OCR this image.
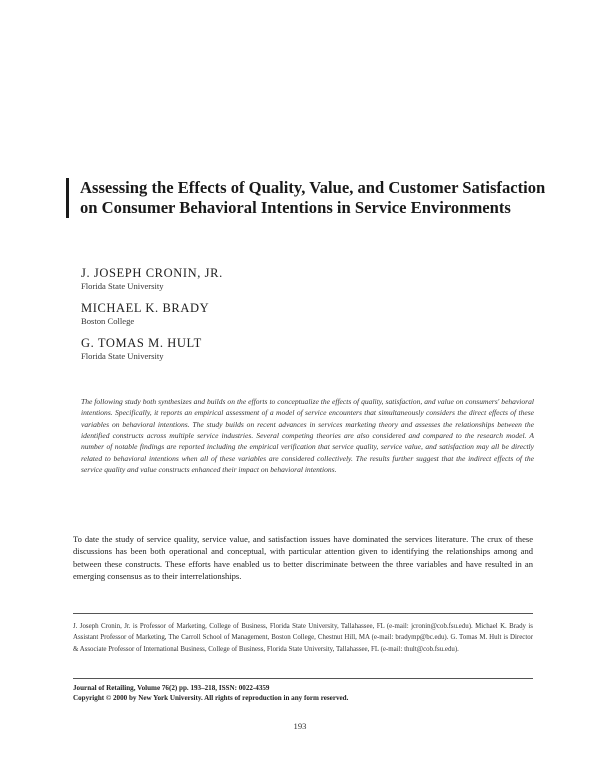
Assessing the Effects of Quality, Value, and Customer Satisfaction on Consumer Behavioral Intentions in Service Environments
J. JOSEPH CRONIN, JR.
Florida State University
MICHAEL K. BRADY
Boston College
G. TOMAS M. HULT
Florida State University

The following study both synthesizes and builds on the efforts to conceptualize the effects of quality, satisfaction, and value on consumers' behavioral intentions. Specifically, it reports an empirical assessment of a model of service encounters that simultaneously considers the direct effects of these variables on behavioral intentions. The study builds on recent advances in services marketing theory and assesses the relationships between the identified constructs across multiple service industries. Several competing theories are also considered and compared to the research model. A number of notable findings are reported including the empirical verification that service quality, service value, and satisfaction may all be directly related to behavioral intentions when all of these variables are considered collectively. The results further suggest that the indirect effects of the service quality and value constructs enhanced their impact on behavioral intentions.

To date the study of service quality, service value, and satisfaction issues have dominated the services literature. The crux of these discussions has been both operational and conceptual, with particular attention given to identifying the relationships among and between these constructs. These efforts have enabled us to better discriminate between the three variables and have resulted in an emerging consensus as to their interrelationships.

J. Joseph Cronin, Jr. is Professor of Marketing, College of Business, Florida State University, Tallahassee, FL (e-mail: jcronin@cob.fsu.edu). Michael K. Brady is Assistant Professor of Marketing, The Carroll School of Management, Boston College, Chestnut Hill, MA (e-mail: bradymp@bc.edu). G. Tomas M. Hult is Director & Associate Professor of International Business, College of Business, Florida State University, Tallahassee, FL (e-mail: thult@cob.fsu.edu).

Journal of Retailing, Volume 76(2) pp. 193–218, ISSN: 0022-4359
Copyright © 2000 by New York University. All rights of reproduction in any form reserved.
193
